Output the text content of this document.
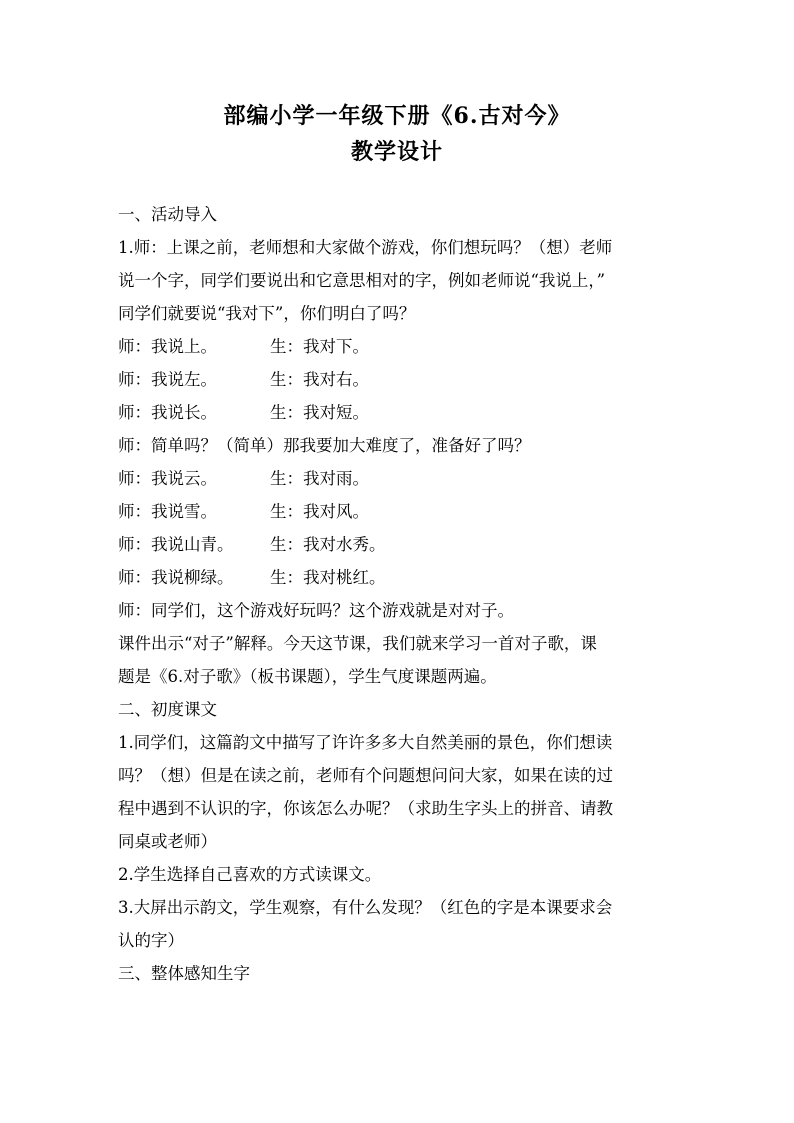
部编小学一年级下册《6.古对今》
教学设计
一、活动导入
1.师：上课之前，老师想和大家做个游戏，你们想玩吗？（想）老师
说一个字，同学们要说出和它意思相对的字，例如老师说“我说上，”
同学们就要说“我对下”，你们明白了吗？
师：我说上。	生：我对下。
师：我说左。	生：我对右。
师：我说长。	生：我对短。
师：简单吗？（简单）那我要加大难度了，准备好了吗？
师：我说云。	生：我对雨。
师：我说雪。	生：我对风。
师：我说山青。	生：我对水秀。
师：我说柳绿。	生：我对桃红。
师：同学们，这个游戏好玩吗？这个游戏就是对对子。
课件出示“对子”解释。今天这节课，我们就来学习一首对子歌，课
题是《6.对子歌》（板书课题），学生气度课题两遍。
二、初度课文
1.同学们，这篇韵文中描写了许许多多大自然美丽的景色，你们想读
吗？（想）但是在读之前，老师有个问题想问问大家，如果在读的过
程中遇到不认识的字，你该怎么办呢？（求助生字头上的拼音、请教
同桌或老师）
2.学生选择自己喜欢的方式读课文。
3.大屏出示韵文，学生观察，有什么发现？（红色的字是本课要求会
认的字）
三、整体感知生字
